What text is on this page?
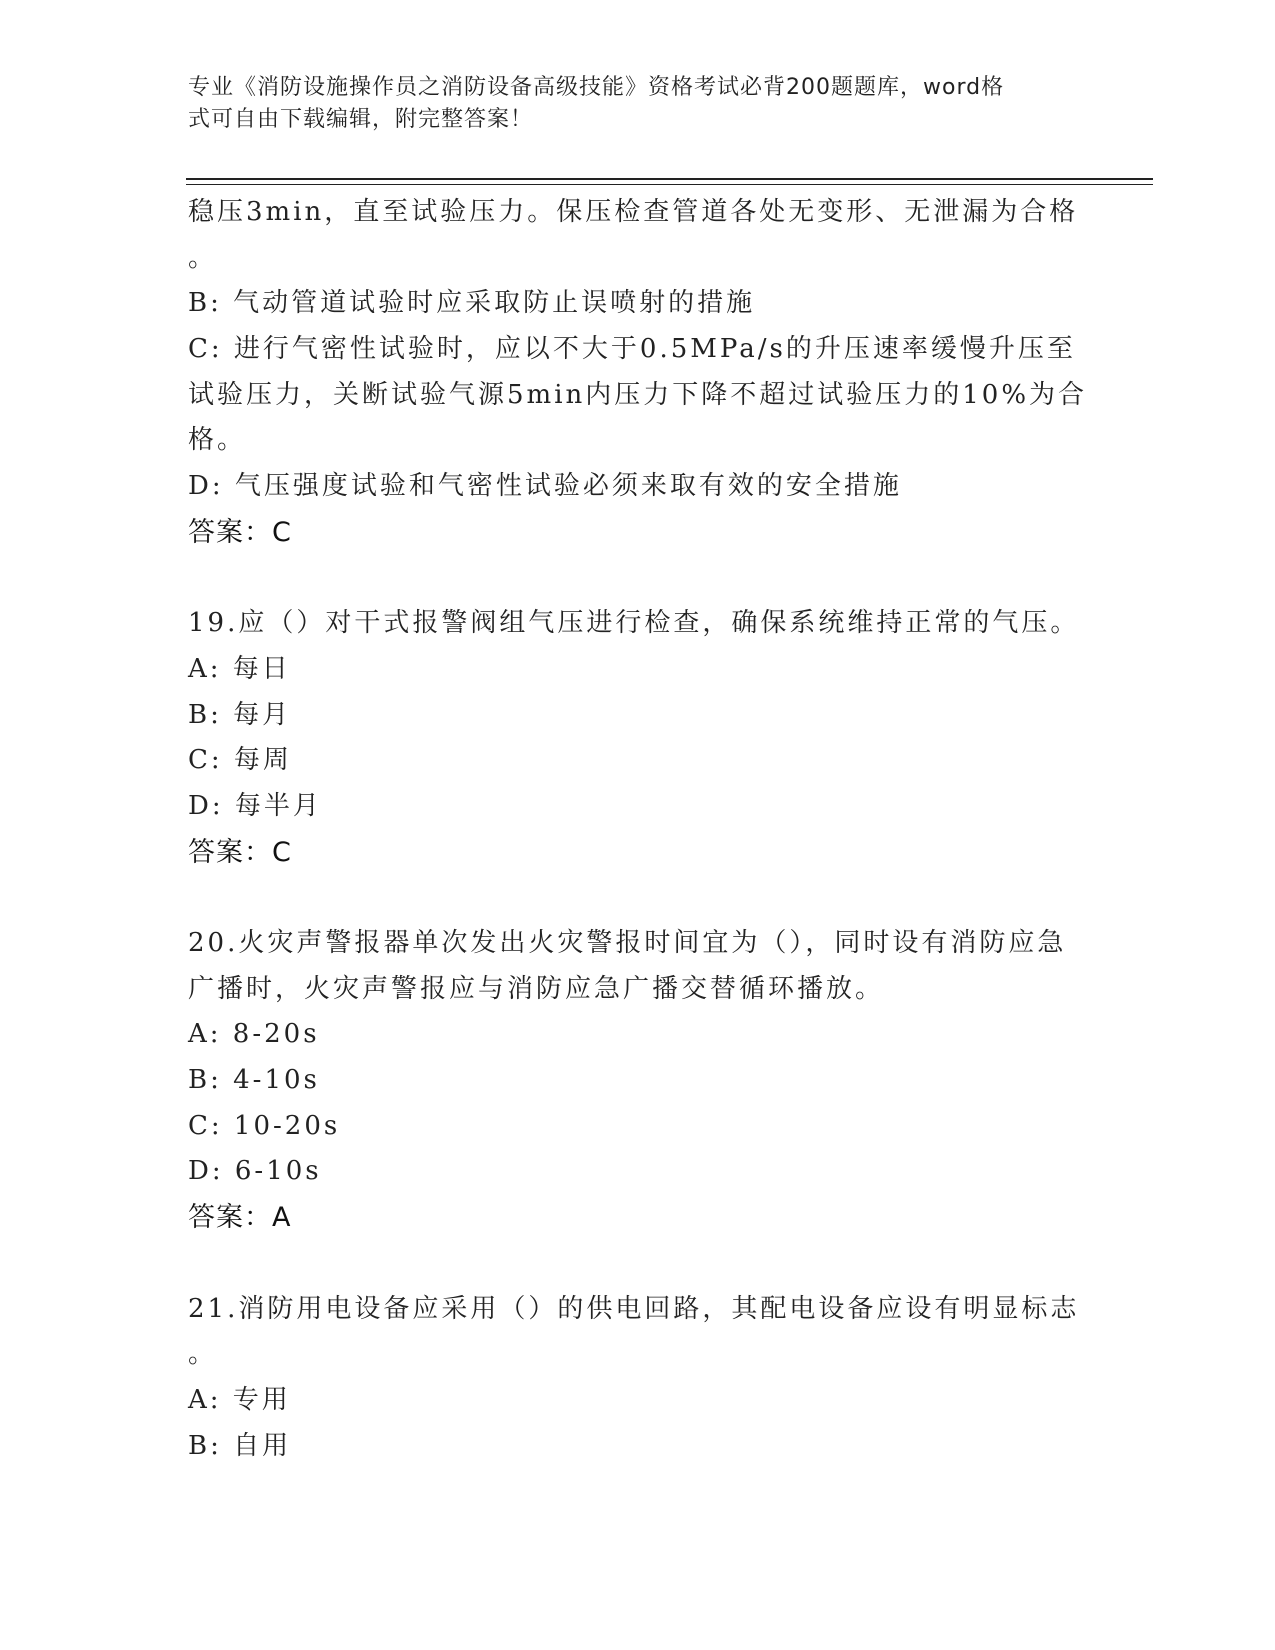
专业《消防设施操作员之消防设备高级技能》资格考试必背200题题库，word格
式可自由下载编辑，附完整答案！
稳压3min，直至试验压力。保压检查管道各处无变形、无泄漏为合格
。
B: 气动管道试验时应采取防止误喷射的措施
C: 进行气密性试验时，应以不大于0.5MPa/s的升压速率缓慢升压至
试验压力，关断试验气源5min内压力下降不超过试验压力的10%为合
格。
D: 气压强度试验和气密性试验必须来取有效的安全措施
答案：C
19.应（）对干式报警阀组气压进行检查，确保系统维持正常的气压。
A: 每日
B: 每月
C: 每周
D: 每半月
答案：C
20.火灾声警报器单次发出火灾警报时间宜为（），同时设有消防应急
广播时，火灾声警报应与消防应急广播交替循环播放。
A: 8-20s
B: 4-10s
C: 10-20s
D: 6-10s
答案：A
21.消防用电设备应采用（）的供电回路，其配电设备应设有明显标志
。
A: 专用
B: 自用
